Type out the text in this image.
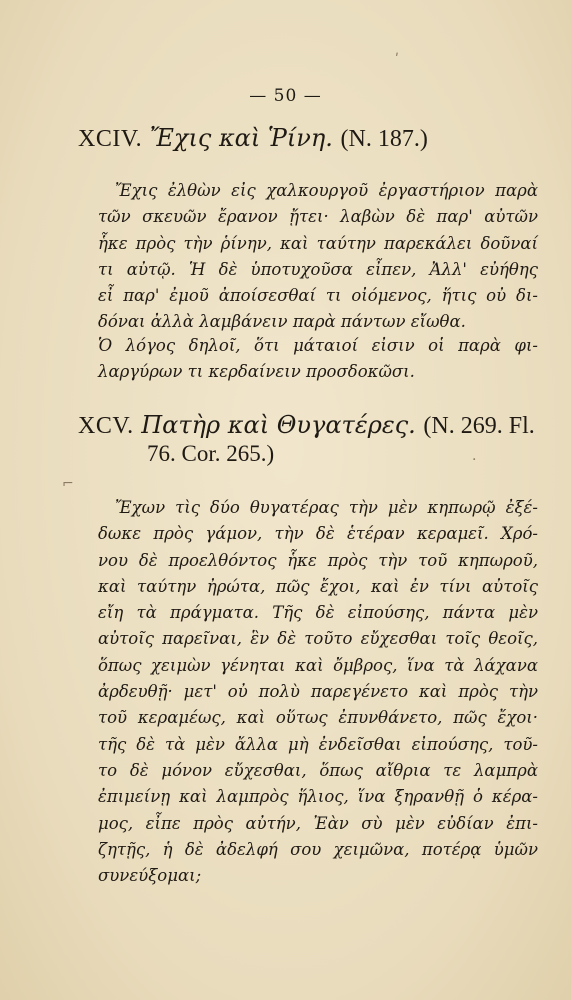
— 50 —
XCIV. Ἔχις καὶ Ῥίνη. (N. 187.)
Ἔχις ἐλθὼν εἰς χαλκουργοῦ ἐργαστήριον παρὰ
τῶν σκευῶν ἔρανον ᾔτει· λαβὼν δὲ παρ' αὐτῶν
ἧκε πρὸς τὴν ῥίνην, καὶ ταύτην παρεκάλει δοῦναί
τι αὐτῷ. Ἡ δὲ ὑποτυχοῦσα εἶπεν, Ἀλλ' εὐήθης
εἶ παρ' ἐμοῦ ἀποίσεσθαί τι οἰόμενος, ἥτις οὐ δι-
δόναι ἀλλὰ λαμβάνειν παρὰ πάντων εἴωθα.
Ὁ λόγος δηλοῖ, ὅτι μάταιοί εἰσιν οἱ παρὰ φι-
λαργύρων τι κερδαίνειν προσδοκῶσι.
XCV. Πατὴρ καὶ Θυγατέρες. (N. 269. Fl.
76. Cor. 265.)
Ἔχων τὶς δύο θυγατέρας τὴν μὲν κηπωρῷ ἐξέ-
δωκε πρὸς γάμον, τὴν δὲ ἑτέραν κεραμεῖ. Χρό-
νου δὲ προελθόντος ἧκε πρὸς τὴν τοῦ κηπωροῦ,
καὶ ταύτην ἠρώτα, πῶς ἔχοι, καὶ ἐν τίνι αὐτοῖς
εἴη τὰ πράγματα. Τῆς δὲ εἰπούσης, πάντα μὲν
αὐτοῖς παρεῖναι, ἓν δὲ τοῦτο εὔχεσθαι τοῖς θεοῖς,
ὅπως χειμὼν γένηται καὶ ὄμβρος, ἵνα τὰ λάχανα
ἀρδευθῇ· μετ' οὐ πολὺ παρεγένετο καὶ πρὸς τὴν
τοῦ κεραμέως, καὶ οὕτως ἐπυνθάνετο, πῶς ἔχοι·
τῆς δὲ τὰ μὲν ἄλλα μὴ ἐνδεῖσθαι εἰπούσης, τοῦ-
το δὲ μόνον εὔχεσθαι, ὅπως αἴθρια τε λαμπρὰ
ἐπιμείνῃ καὶ λαμπρὸς ἥλιος, ἵνα ξηρανθῇ ὁ κέρα-
μος, εἶπε πρὸς αὐτήν, Ἐὰν σὺ μὲν εὐδίαν ἐπι-
ζητῇς, ἡ δὲ ἀδελφή σου χειμῶνα, ποτέρᾳ ὑμῶν
συνεύξομαι;
⌐
·
ʹ
